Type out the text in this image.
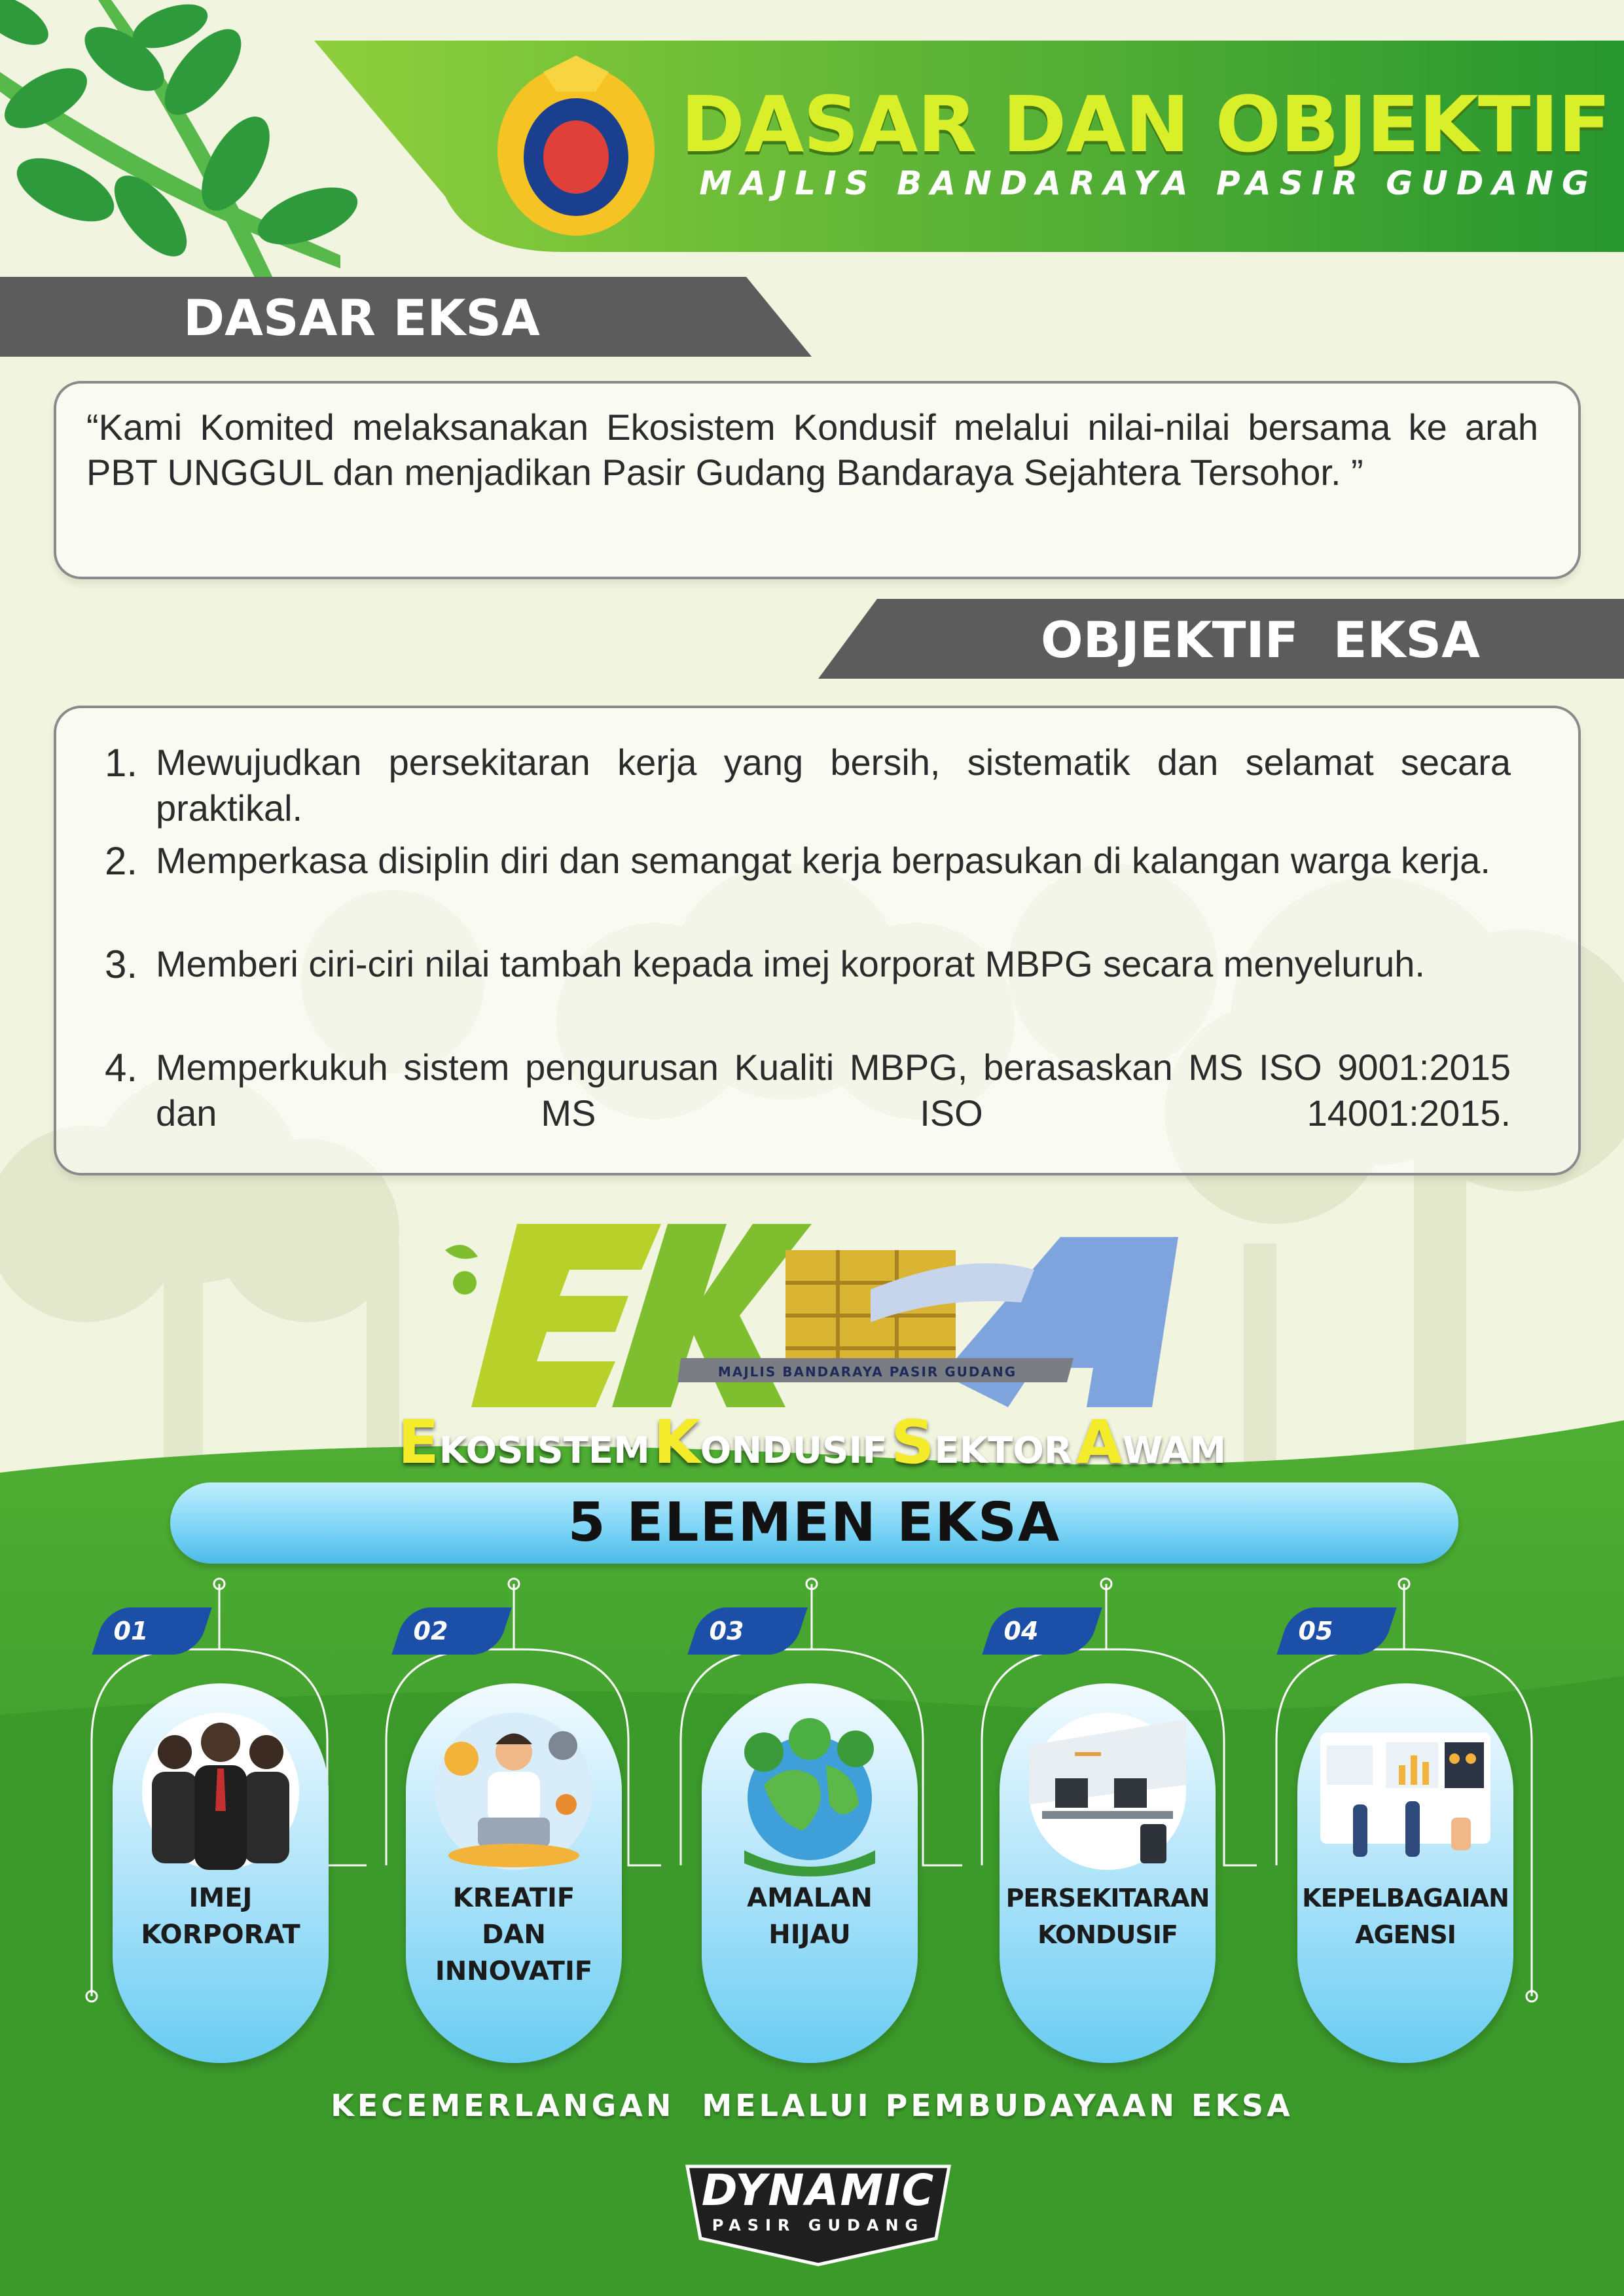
DASAR DAN OBJEKTIF
MAJLIS BANDARAYA PASIR GUDANG
DASAR EKSA
“Kami Komited melaksanakan Ekosistem Kondusif melalui nilai-nilai bersama ke arah PBT UNGGUL dan menjadikan Pasir Gudang Bandaraya Sejahtera Tersohor. ”
OBJEKTIF  EKSA
1. Mewujudkan persekitaran kerja yang bersih, sistematik dan selamat secara praktikal.
2. Memperkasa disiplin diri dan semangat kerja berpasukan di kalangan warga kerja.
3. Memberi ciri-ciri nilai tambah kepada imej korporat MBPG secara menyeluruh.
4. Memperkukuh sistem pengurusan Kualiti MBPG, berasaskan MS ISO 9001:2015 dan MS ISO 14001:2015.
MAJLIS BANDARAYA PASIR GUDANG
EKOSISTEM KONDUSIF SEKTOR AWAM
5 ELEMEN EKSA
01
IMEJ
KORPORAT
02
KREATIF
DAN
INNOVATIF
03
AMALAN
HIJAU
04
PERSEKITARAN
KONDUSIF
05
KEPELBAGAIAN
AGENSI
KECEMERLANGAN  MELALUI PEMBUDAYAAN EKSA
DYNAMIC
PASIR GUDANG
